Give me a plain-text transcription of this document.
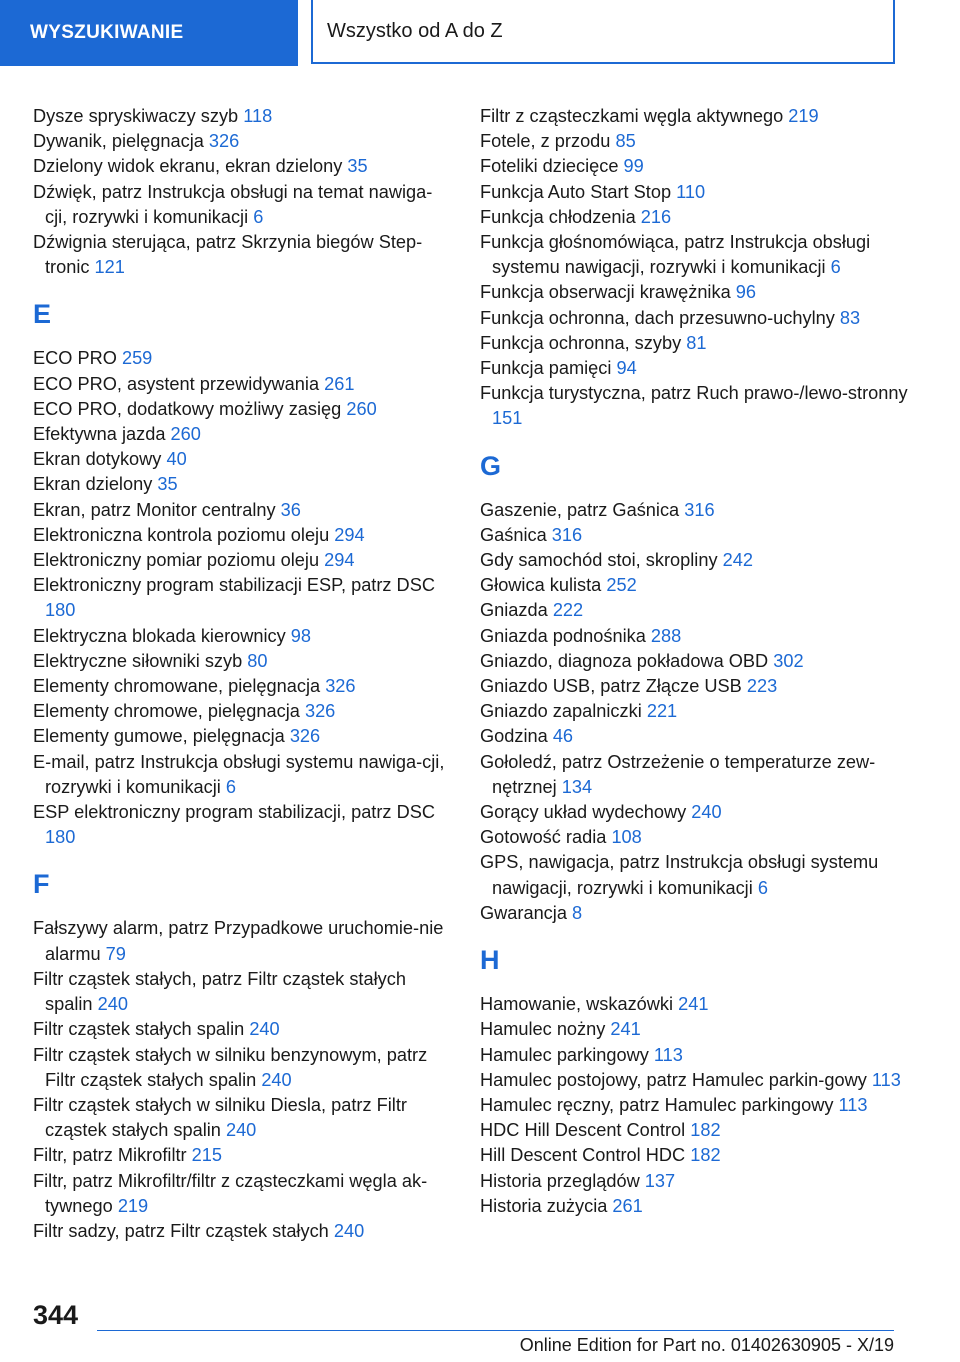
WYSZUKIWANIE	Wszystko od A do Z
Dysze spryskiwaczy szyb 118
Dywanik, pielęgnacja 326
Dzielony widok ekranu, ekran dzielony 35
Dźwięk, patrz Instrukcja obsługi na temat nawiga-cji, rozrywki i komunikacji 6
Dźwignia sterująca, patrz Skrzynia biegów Step-tronic 121
E
ECO PRO 259
ECO PRO, asystent przewidywania 261
ECO PRO, dodatkowy możliwy zasięg 260
Efektywna jazda 260
Ekran dotykowy 40
Ekran dzielony 35
Ekran, patrz Monitor centralny 36
Elektroniczna kontrola poziomu oleju 294
Elektroniczny pomiar poziomu oleju 294
Elektroniczny program stabilizacji ESP, patrz DSC 180
Elektryczna blokada kierownicy 98
Elektryczne siłowniki szyb 80
Elementy chromowane, pielęgnacja 326
Elementy chromowe, pielęgnacja 326
Elementy gumowe, pielęgnacja 326
E-mail, patrz Instrukcja obsługi systemu nawiga-cji, rozrywki i komunikacji 6
ESP elektroniczny program stabilizacji, patrz DSC 180
F
Fałszywy alarm, patrz Przypadkowe uruchomie-nie alarmu 79
Filtr cząstek stałych, patrz Filtr cząstek stałych spalin 240
Filtr cząstek stałych spalin 240
Filtr cząstek stałych w silniku benzynowym, patrz Filtr cząstek stałych spalin 240
Filtr cząstek stałych w silniku Diesla, patrz Filtr cząstek stałych spalin 240
Filtr, patrz Mikrofiltr 215
Filtr, patrz Mikrofiltr/filtr z cząsteczkami węgla ak-tywnego 219
Filtr sadzy, patrz Filtr cząstek stałych 240
Filtr z cząsteczkami węgla aktywnego 219
Fotele, z przodu 85
Foteliki dziecięce 99
Funkcja Auto Start Stop 110
Funkcja chłodzenia 216
Funkcja głośnomówiąca, patrz Instrukcja obsługi systemu nawigacji, rozrywki i komunikacji 6
Funkcja obserwacji krawężnika 96
Funkcja ochronna, dach przesuwno-uchylny 83
Funkcja ochronna, szyby 81
Funkcja pamięci 94
Funkcja turystyczna, patrz Ruch prawo-/lewo-stronny 151
G
Gaszenie, patrz Gaśnica 316
Gaśnica 316
Gdy samochód stoi, skropliny 242
Głowica kulista 252
Gniazda 222
Gniazda podnośnika 288
Gniazdo, diagnoza pokładowa OBD 302
Gniazdo USB, patrz Złącze USB 223
Gniazdo zapalniczki 221
Godzina 46
Gołoledź, patrz Ostrzeżenie o temperaturze zew-nętrznej 134
Gorący układ wydechowy 240
Gotowość radia 108
GPS, nawigacja, patrz Instrukcja obsługi systemu nawigacji, rozrywki i komunikacji 6
Gwarancja 8
H
Hamowanie, wskazówki 241
Hamulec nożny 241
Hamulec parkingowy 113
Hamulec postojowy, patrz Hamulec parkin-gowy 113
Hamulec ręczny, patrz Hamulec parkingowy 113
HDC Hill Descent Control 182
Hill Descent Control HDC 182
Historia przeglądów 137
Historia zużycia 261
344
Online Edition for Part no. 01402630905 - X/19
